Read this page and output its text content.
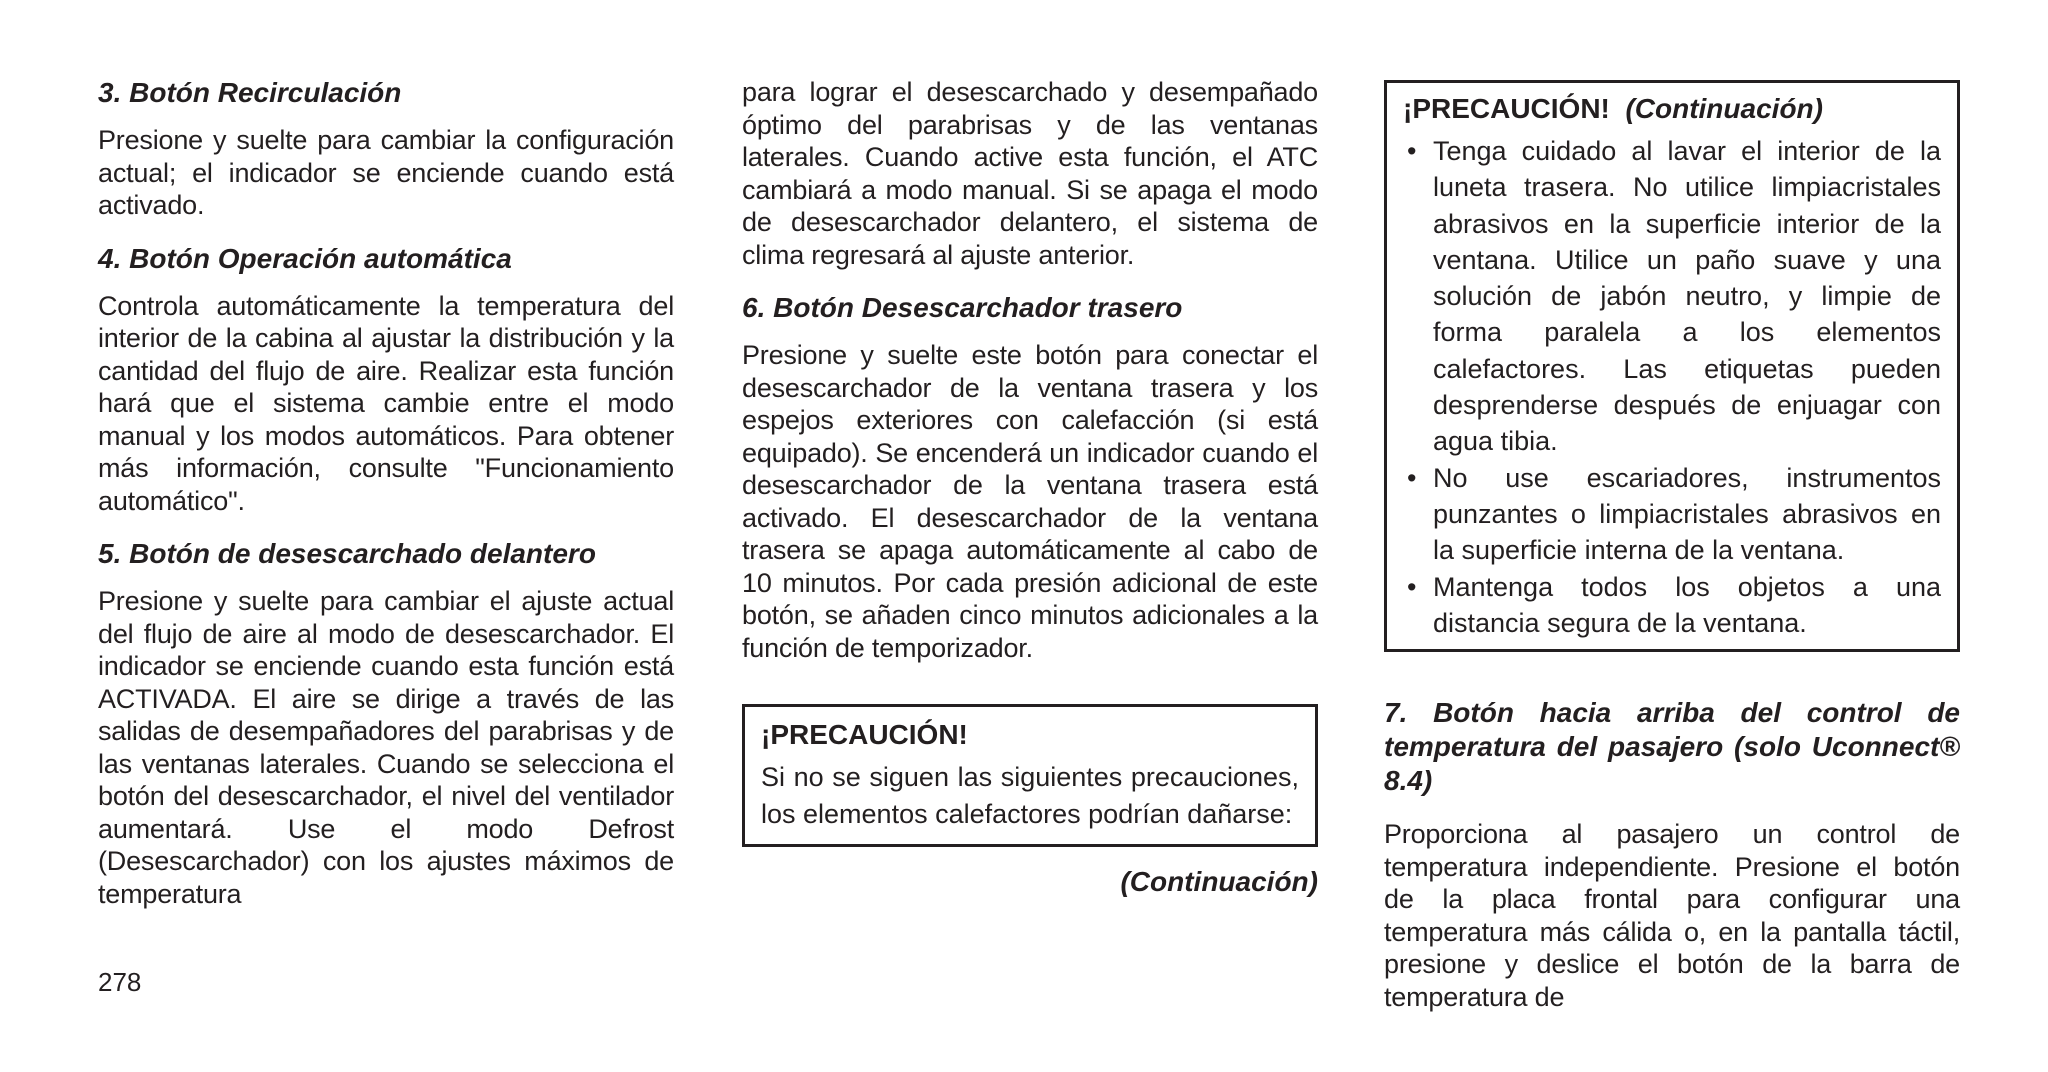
3. Botón Recirculación

Presione y suelte para cambiar la configuración actual; el indicador se enciende cuando está activado.

4. Botón Operación automática

Controla automáticamente la temperatura del interior de la cabina al ajustar la distribución y la cantidad del flujo de aire. Realizar esta función hará que el sistema cambie entre el modo manual y los modos automáticos. Para obtener más información, consulte "Funcionamiento automático".

5. Botón de desescarchado delantero

Presione y suelte para cambiar el ajuste actual del flujo de aire al modo de desescarchador. El indicador se enciende cuando esta función está ACTIVADA. El aire se dirige a través de las salidas de desempañadores del parabrisas y de las ventanas laterales. Cuando se selecciona el botón del desescarchador, el nivel del ventilador aumentará. Use el modo Defrost (Desescarchador) con los ajustes máximos de temperatura

para lograr el desescarchado y desempañado óptimo del parabrisas y de las ventanas laterales. Cuando active esta función, el ATC cambiará a modo manual. Si se apaga el modo de desescarchador delantero, el sistema de clima regresará al ajuste anterior.

6. Botón Desescarchador trasero

Presione y suelte este botón para conectar el desescarchador de la ventana trasera y los espejos exteriores con calefacción (si está equipado). Se encenderá un indicador cuando el desescarchador de la ventana trasera está activado. El desescarchador de la ventana trasera se apaga automáticamente al cabo de 10 minutos. Por cada presión adicional de este botón, se añaden cinco minutos adicionales a la función de temporizador.

¡PRECAUCIÓN!

Si no se siguen las siguientes precauciones, los elementos calefactores podrían dañarse:

(Continuación)
¡PRECAUCIÓN! (Continuación)
• Tenga cuidado al lavar el interior de la luneta trasera. No utilice limpiacristales abrasivos en la superficie interior de la ventana. Utilice un paño suave y una solución de jabón neutro, y limpie de forma paralela a los elementos calefactores. Las etiquetas pueden desprenderse después de enjuagar con agua tibia.
• No use escariadores, instrumentos punzantes o limpiacristales abrasivos en la superficie interna de la ventana.
• Mantenga todos los objetos a una distancia segura de la ventana.
7. Botón hacia arriba del control de temperatura del pasajero (solo Uconnect® 8.4)

Proporciona al pasajero un control de temperatura independiente. Presione el botón de la placa frontal para configurar una temperatura más cálida o, en la pantalla táctil, presione y deslice el botón de la barra de temperatura de

278
